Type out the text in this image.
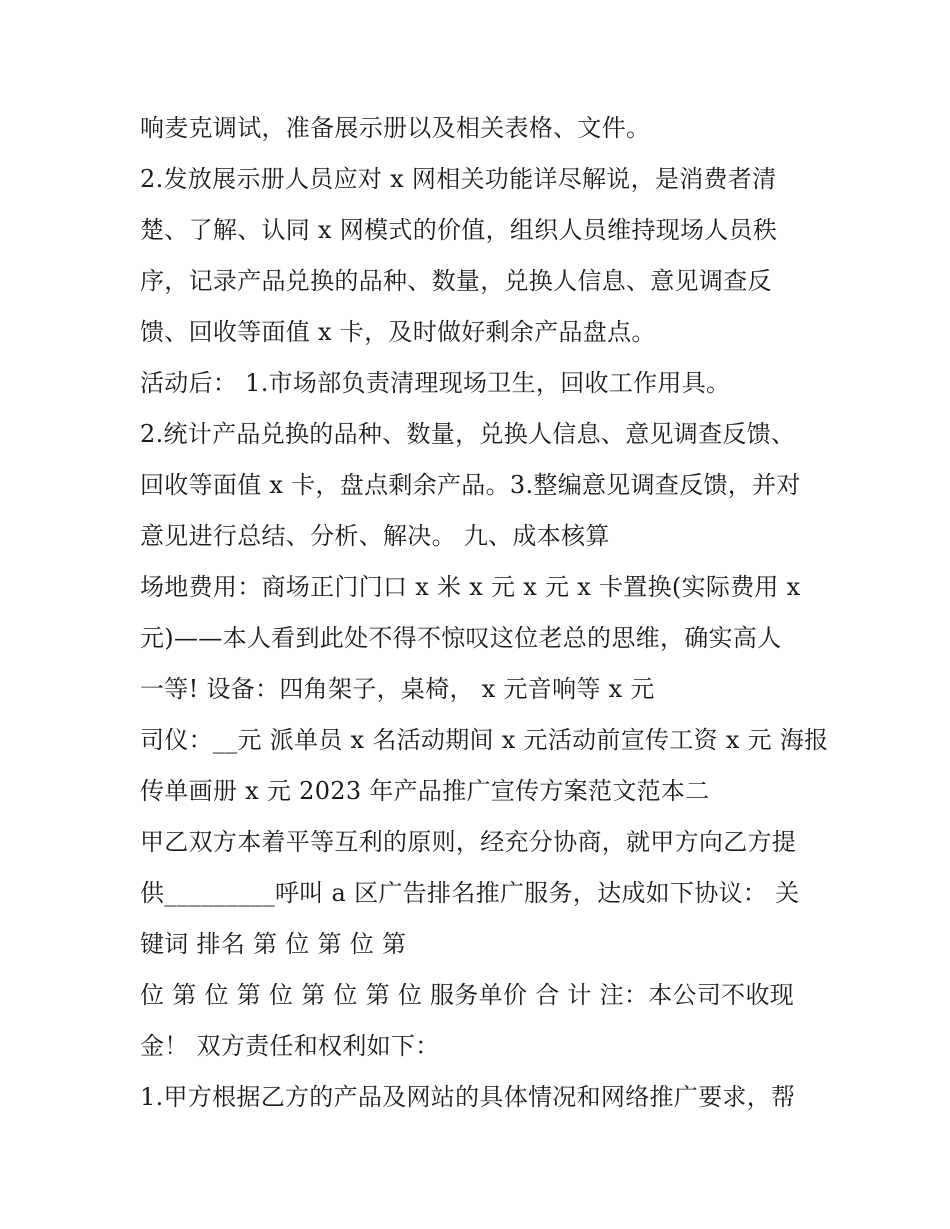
响麦克调试，准备展示册以及相关表格、文件。
2.发放展示册人员应对 x 网相关功能详尽解说，是消费者清
楚、了解、认同 x 网模式的价值，组织人员维持现场人员秩
序，记录产品兑换的品种、数量，兑换人信息、意见调查反
馈、回收等面值 x 卡，及时做好剩余产品盘点。
活动后： 1.市场部负责清理现场卫生，回收工作用具。
2.统计产品兑换的品种、数量，兑换人信息、意见调查反馈、
回收等面值 x 卡，盘点剩余产品。3.整编意见调查反馈，并对
意见进行总结、分析、解决。 九、成本核算
场地费用：商场正门门口 x 米 x 元 x 元 x 卡置换(实际费用 x
元)——本人看到此处不得不惊叹这位老总的思维，确实高人
一等! 设备：四角架子，桌椅， x 元音响等 x 元
司仪：__元 派单员 x 名活动期间 x 元活动前宣传工资 x 元 海报
传单画册 x 元 2023 年产品推广宣传方案范文范本二
甲乙双方本着平等互利的原则，经充分协商，就甲方向乙方提
供_________呼叫 a 区广告排名推广服务，达成如下协议： 关
键词 排名 第 位 第 位 第
位 第 位 第 位 第 位 第 位 服务单价 合 计 注：本公司不收现
金！ 双方责任和权利如下：
1.甲方根据乙方的产品及网站的具体情况和网络推广要求，帮
